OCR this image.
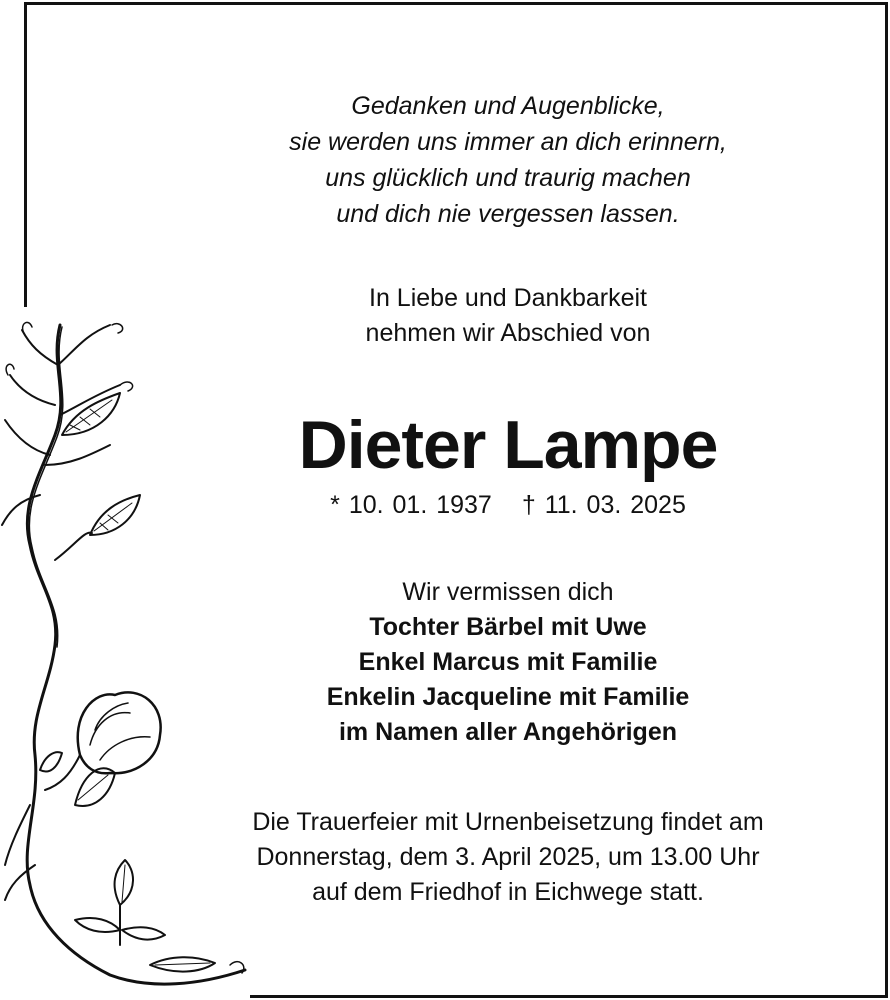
Gedanken und Augenblicke,
sie werden uns immer an dich erinnern,
uns glücklich und traurig machen
und dich nie vergessen lassen.
In Liebe und Dankbarkeit
nehmen wir Abschied von
Dieter Lampe
* 10. 01. 1937 † 11. 03. 2025
Wir vermissen dich
Tochter Bärbel mit Uwe
Enkel Marcus mit Familie
Enkelin Jacqueline mit Familie
im Namen aller Angehörigen
Die Trauerfeier mit Urnenbeisetzung findet am
Donnerstag, dem 3. April 2025, um 13.00 Uhr
auf dem Friedhof in Eichwege statt.
